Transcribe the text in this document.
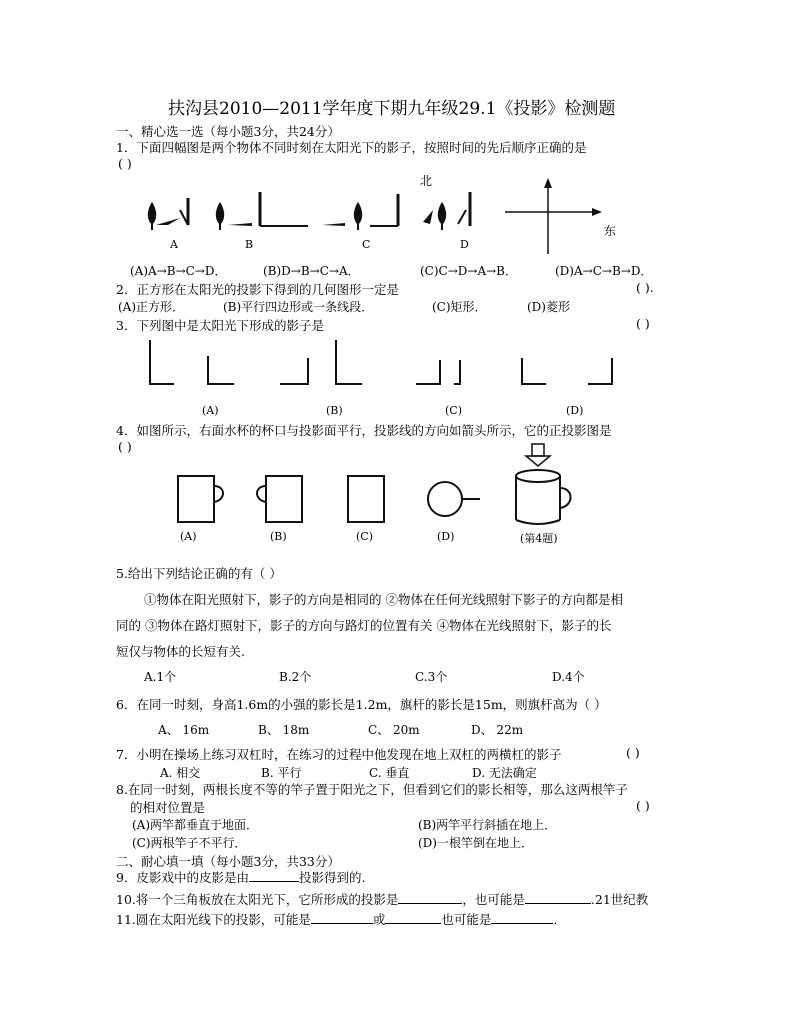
扶沟县2010—2011学年度下期九年级29.1《投影》检测题
一、精心选一选（每小题3分，共24分）
1．下面四幅图是两个物体不同时刻在太阳光下的影子，按照时间的先后顺序正确的是
( )
北
东
A	B	C	D
(A)A→B→C→D．	(B)D→B→C→A．	(C)C→D→A→B．	(D)A→C→B→D．
2．正方形在太阳光的投影下得到的几何图形一定是	( ).
(A)正方形．	(B)平行四边形或一条线段．	(C)矩形．	(D)菱形
3．下列图中是太阳光下形成的影子是	( )
(A)	(B)	(C)	(D)
4．如图所示，右面水杯的杯口与投影面平行，投影线的方向如箭头所示，它的正投影图是
( )
(A)	(B)	(C)	(D)	(第4题)
5.给出下列结论正确的有（ ）
①物体在阳光照射下，影子的方向是相同的 ②物体在任何光线照射下影子的方向都是相
同的 ③物体在路灯照射下，影子的方向与路灯的位置有关 ④物体在光线照射下，影子的长
短仅与物体的长短有关.
A.1个	B.2个	C.3个	D.4个
6．在同一时刻，身高1.6m的小强的影长是1.2m，旗杆的影长是15m，则旗杆高为（ ）
A、 16m	B、 18m	C、 20m	D、 22m
7．小明在操场上练习双杠时，在练习的过程中他发现在地上双杠的两横杠的影子	( )
A. 相交	B. 平行	C. 垂直	D. 无法确定
8.在同一时刻，两根长度不等的竿子置于阳光之下，但看到它们的影长相等，那么这两根竿子
的相对位置是	( )
(A)两竿都垂直于地面．	(B)两竿平行斜插在地上．
(C)两根竿子不平行．	(D)一根竿倒在地上．
二、耐心填一填（每小题3分，共33分）
9．皮影戏中的皮影是由	投影得到的.
10.将一个三角板放在太阳光下，它所形成的投影是	，也可能是	.21世纪教
11.圆在太阳光线下的投影，可能是	或	也可能是	.
